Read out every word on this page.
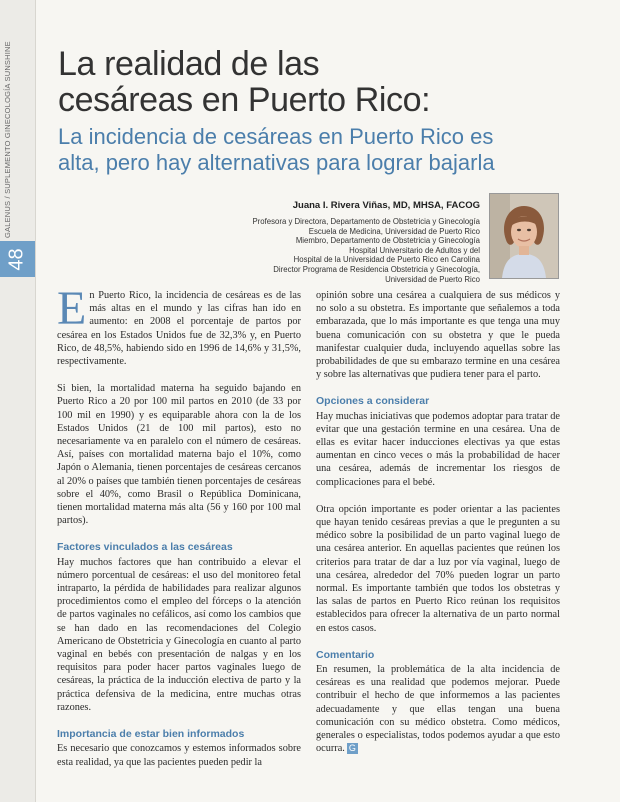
GALENUS / SUPLEMENTO GINECOLOGÍA SUNSHINE
48
La realidad de las
cesáreas en Puerto Rico:
La incidencia de cesáreas en Puerto Rico es
alta, pero hay alternativas para lograr bajarla
Juana I. Rivera Viñas, MD, MHSA, FACOG
Profesora y Directora, Departamento de Obstetricia y Ginecología
Escuela de Medicina, Universidad de Puerto Rico
Miembro, Departamento de Obstetricia y Ginecología
Hospital Universitario de Adultos y del
Hospital de la Universidad de Puerto Rico en Carolina
Director Programa de Residencia Obstetricia y Ginecología,
Universidad de Puerto Rico

En Puerto Rico, la incidencia de cesáreas es de las más altas en el mundo y las cifras han ido en aumento: en 2008 el porcentaje de partos por cesárea en los Estados Unidos fue de 32,3% y, en Puerto Rico, de 48,5%, habiendo sido en 1996 de 14,6% y 31,5%, respectivamente.

Si bien, la mortalidad materna ha seguido bajando en Puerto Rico a 20 por 100 mil partos en 2010 (de 33 por 100 mil en 1990) y es equiparable ahora con la de los Estados Unidos (21 de 100 mil partos), esto no necesariamente va en paralelo con el número de cesáreas. Así, países con mortalidad materna bajo el 10%, como Japón o Alemania, tienen porcentajes de cesáreas cercanos al 20% o países que también tienen porcentajes de cesáreas sobre el 40%, como Brasil o República Dominicana, tienen mortalidad materna más alta (56 y 160 por 100 mal partos).

Factores vinculados a las cesáreas

Hay muchos factores que han contribuido a elevar el número porcentual de cesáreas: el uso del monitoreo fetal intraparto, la pérdida de habilidades para realizar algunos procedimientos como el empleo del fórceps o la atención de partos vaginales no cefálicos, así como los cambios que se han dado en las recomendaciones del Colegio Americano de Obstetricia y Ginecología en cuanto al parto vaginal en bebés con presentación de nalgas y en los requisitos para poder hacer partos vaginales luego de cesáreas, la práctica de la inducción electiva de parto y la práctica defensiva de la medicina, entre muchas otras razones.

Importancia de estar bien informados

Es necesario que conozcamos y estemos informados sobre esta realidad, ya que las pacientes pueden pedir la

opinión sobre una cesárea a cualquiera de sus médicos y no solo a su obstetra. Es importante que señalemos a toda embarazada, que lo más importante es que tenga una muy buena comunicación con su obstetra y que le pueda manifestar cualquier duda, incluyendo aquellas sobre las probabilidades de que su embarazo termine en una cesárea y sobre las alternativas que pudiera tener para el parto.

Opciones a considerar

Hay muchas iniciativas que podemos adoptar para tratar de evitar que una gestación termine en una cesárea. Una de ellas es evitar hacer inducciones electivas ya que estas aumentan en cinco veces o más la probabilidad de hacer una cesárea, además de incrementar los riesgos de complicaciones para el bebé.

Otra opción importante es poder orientar a las pacientes que hayan tenido cesáreas previas a que le pregunten a su médico sobre la posibilidad de un parto vaginal luego de una cesárea anterior. En aquellas pacientes que reúnen los criterios para tratar de dar a luz por vía vaginal, luego de una cesárea, alrededor del 70% pueden lograr un parto normal. Es importante también que todos los obstetras y las salas de partos en Puerto Rico reúnan los requisitos establecidos para ofrecer la alternativa de un parto normal en estos casos.

Comentario

En resumen, la problemática de la alta incidencia de cesáreas es una realidad que podemos mejorar. Puede contribuir el hecho de que informemos a las pacientes adecuadamente y que ellas tengan una buena comunicación con su médico obstetra. Como médicos, generales o especialistas, todos podemos ayudar a que esto ocurra. G
